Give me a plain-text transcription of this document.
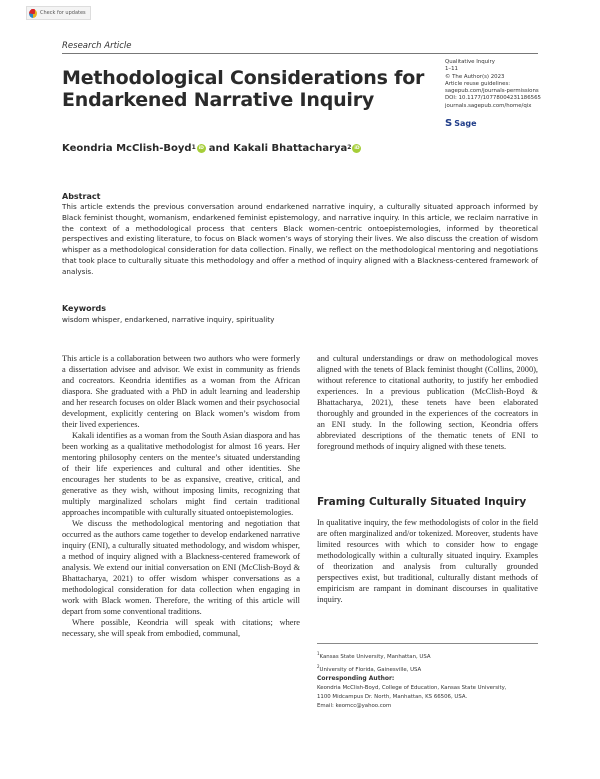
Check for updates
Research Article
Qualitative Inquiry
1–11
© The Author(s) 2023
Article reuse guidelines:
sagepub.com/journals-permissions
DOI: 10.1177/10778004231186565
journals.sagepub.com/home/qix
S Sage
Methodological Considerations for
Endarkened Narrative Inquiry
Keondria McClish-Boyd$^1$ iD and
Kakali Bhattacharya$^2$ iD
Abstract
This article extends the previous conversation around endarkened narrative inquiry, a culturally situated approach informed by Black feminist thought, womanism, endarkened feminist epistemology, and narrative inquiry. In this article, we reclaim narrative in the context of a methodological process that centers Black women-centric ontoepistemologies, informed by theoretical perspectives and existing literature, to focus on Black women’s ways of storying their lives. We also discuss the creation of wisdom whisper as a methodological consideration for data collection. Finally, we reflect on the methodological mentoring and negotiations that took place to culturally situate this methodology and offer a method of inquiry aligned with a Blackness-centered framework of analysis.
Keywords
wisdom whisper, endarkened, narrative inquiry, spirituality

This article is a collaboration between two authors who were formerly a dissertation advisee and advisor. We exist in community as friends and cocreators. Keondria identifies as a woman from the African diaspora. She graduated with a PhD in adult learning and leadership and her research focuses on older Black women and their psychosocial development, explicitly centering on Black women’s wisdom from their lived experiences.

Kakali identifies as a woman from the South Asian diaspora and has been working as a qualitative methodologist for almost 16 years. Her mentoring philosophy centers on the mentee’s situated understanding of their life experiences and cultural and other identities. She encourages her students to be as expansive, creative, critical, and generative as they wish, without imposing limits, recognizing that multiply marginalized scholars might find certain traditional approaches incompatible with culturally situated ontoepistemologies.

We discuss the methodological mentoring and negotiation that occurred as the authors came together to develop endarkened narrative inquiry (ENI), a culturally situated methodology, and wisdom whisper, a method of inquiry aligned with a Blackness-centered framework of analysis. We extend our initial conversation on ENI (McClish-Boyd & Bhattacharya, 2021) to offer wisdom whisper conversations as a methodological consideration for data collection when engaging in work with Black women. Therefore, the writing of this article will depart from some conventional traditions.

Where possible, Keondria will speak with citations; where necessary, she will speak from embodied, communal,

and cultural understandings or draw on methodological moves aligned with the tenets of Black feminist thought (Collins, 2000), without reference to citational authority, to justify her embodied experiences. In a previous publication (McClish-Boyd & Bhattacharya, 2021), these tenets have been elaborated thoroughly and grounded in the experiences of the cocreators in an ENI study. In the following section, Keondria offers abbreviated descriptions of the thematic tenets of ENI to foreground methods of inquiry aligned with these tenets.

Framing Culturally Situated Inquiry

In qualitative inquiry, the few methodologists of color in the field are often marginalized and/or tokenized. Moreover, students have limited resources with which to consider how to engage methodologically within a culturally situated inquiry. Examples of theorization and analysis from culturally grounded perspectives exist, but traditional, culturally distant methods of empiricism are rampant in dominant discourses in qualitative inquiry.

$^1$Kansas State University, Manhattan, USA
$^2$University of Florida, Gainesville, USA
Corresponding Author:
Keondria McClish-Boyd, College of Education, Kansas State University,
1100 Midcampus Dr. North, Manhattan, KS 66506, USA.
Email: keomcc@yahoo.com
